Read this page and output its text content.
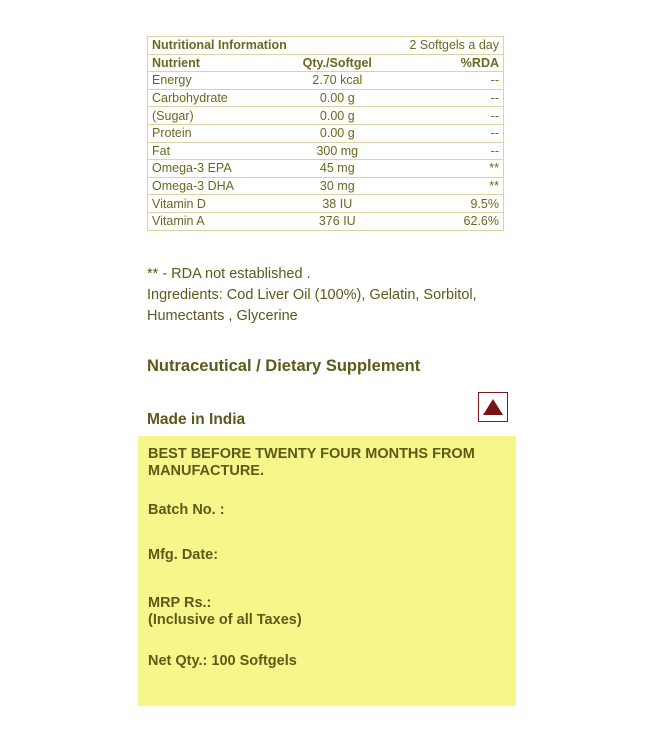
Nutritional Information		2 Softgels a day
Nutrient	Qty./Softgel	%RDA
Energy	2.70 kcal	--
Carbohydrate	0.00 g	--
(Sugar)	0.00 g	--
Protein	0.00 g	--
Fat	300 mg	--
Omega-3 EPA	45 mg	**
Omega-3 DHA	30 mg	**
Vitamin D	38 IU	9.5%
Vitamin A	376 IU	62.6%

** - RDA not established .

Ingredients: Cod Liver Oil (100%), Gelatin, Sorbitol,

Humectants , Glycerine

Nutraceutical / Dietary Supplement
Made in India

BEST BEFORE TWENTY FOUR MONTHS FROM

MANUFACTURE.

Batch No. :

Mfg. Date:

MRP Rs.:

(Inclusive of all Taxes)

Net Qty.: 100 Softgels
